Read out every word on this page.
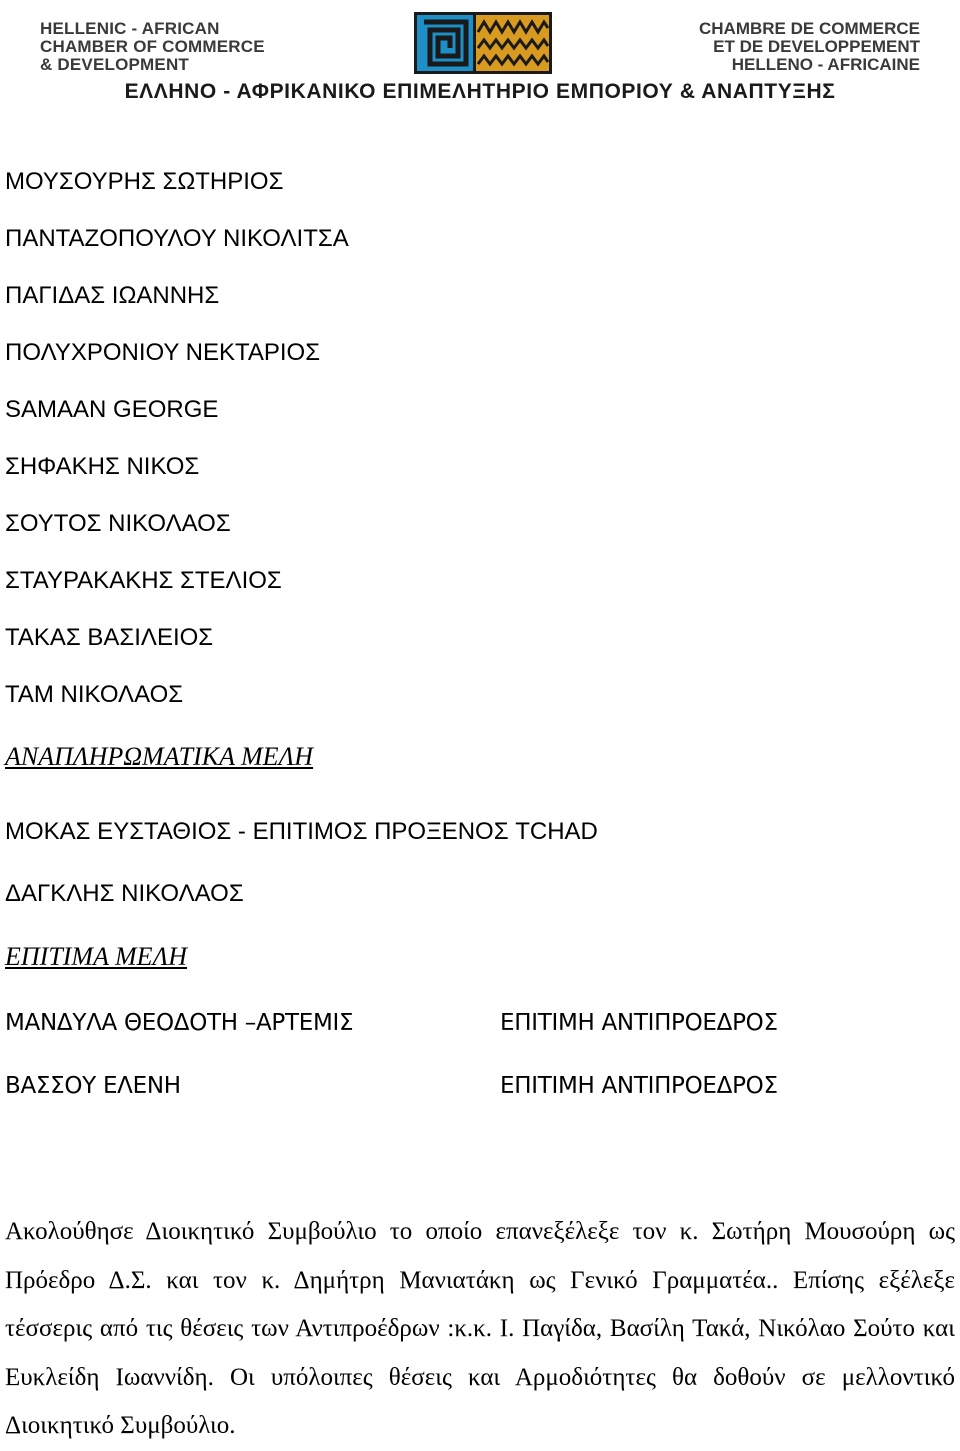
HELLENIC - AFRICAN
CHAMBER OF COMMERCE
& DEVELOPMENT
CHAMBRE DE COMMERCE
ET DE DEVELOPPEMENT
HELLENO - AFRICAINE
ΕΛΛΗΝΟ - ΑΦΡΙΚΑΝΙΚΟ ΕΠΙΜΕΛΗΤΗΡΙΟ ΕΜΠΟΡΙΟΥ & ΑΝΑΠΤΥΞΗΣ
ΜΟΥΣΟΥΡΗΣ ΣΩΤΗΡΙΟΣ
ΠΑΝΤΑΖΟΠΟΥΛΟΥ ΝΙΚΟΛΙΤΣΑ
ΠΑΓΙΔΑΣ ΙΩΑΝΝΗΣ
ΠΟΛΥΧΡΟΝΙΟΥ ΝΕΚΤΑΡΙΟΣ
SAMAAN GEORGE
ΣΗΦΑΚΗΣ ΝΙΚΟΣ
ΣΟΥΤΟΣ ΝΙΚΟΛΑΟΣ
ΣΤΑΥΡΑΚΑΚΗΣ ΣΤΕΛΙΟΣ
ΤΑΚΑΣ ΒΑΣΙΛΕΙΟΣ
ΤΑΜ ΝΙΚΟΛΑΟΣ
ΑΝΑΠΛΗΡΩΜΑΤΙΚΑ ΜΕΛΗ
ΜΟΚΑΣ ΕΥΣΤΑΘΙΟΣ - ΕΠΙΤΙΜΟΣ ΠΡΟΞΕΝΟΣ TCHAD
ΔΑΓΚΛΗΣ ΝΙΚΟΛΑΟΣ
ΕΠΙΤΙΜΑ ΜΕΛΗ
ΜΑΝΔΥΛΑ ΘΕΟΔΟΤΗ –ΑΡΤΕΜΙΣ	ΕΠΙΤΙΜΗ ΑΝΤΙΠΡΟΕΔΡΟΣ
ΒΑΣΣΟΥ ΕΛΕΝΗ	ΕΠΙΤΙΜΗ ΑΝΤΙΠΡΟΕΔΡΟΣ
Ακολούθησε Διοικητικό Συμβούλιο το οποίο επανεξέλεξε τον κ. Σωτήρη Μουσούρη ως Πρόεδρο Δ.Σ. και τον κ. Δημήτρη Μανιατάκη ως Γενικό Γραμματέα.. Επίσης εξέλεξε τέσσερις από τις θέσεις των Αντιπροέδρων :κ.κ. Ι. Παγίδα, Βασίλη Τακά, Νικόλαο Σούτο και Ευκλείδη Ιωαννίδη. Οι υπόλοιπες θέσεις και Αρμοδιότητες θα δοθούν σε μελλοντικό Διοικητικό Συμβούλιο.
